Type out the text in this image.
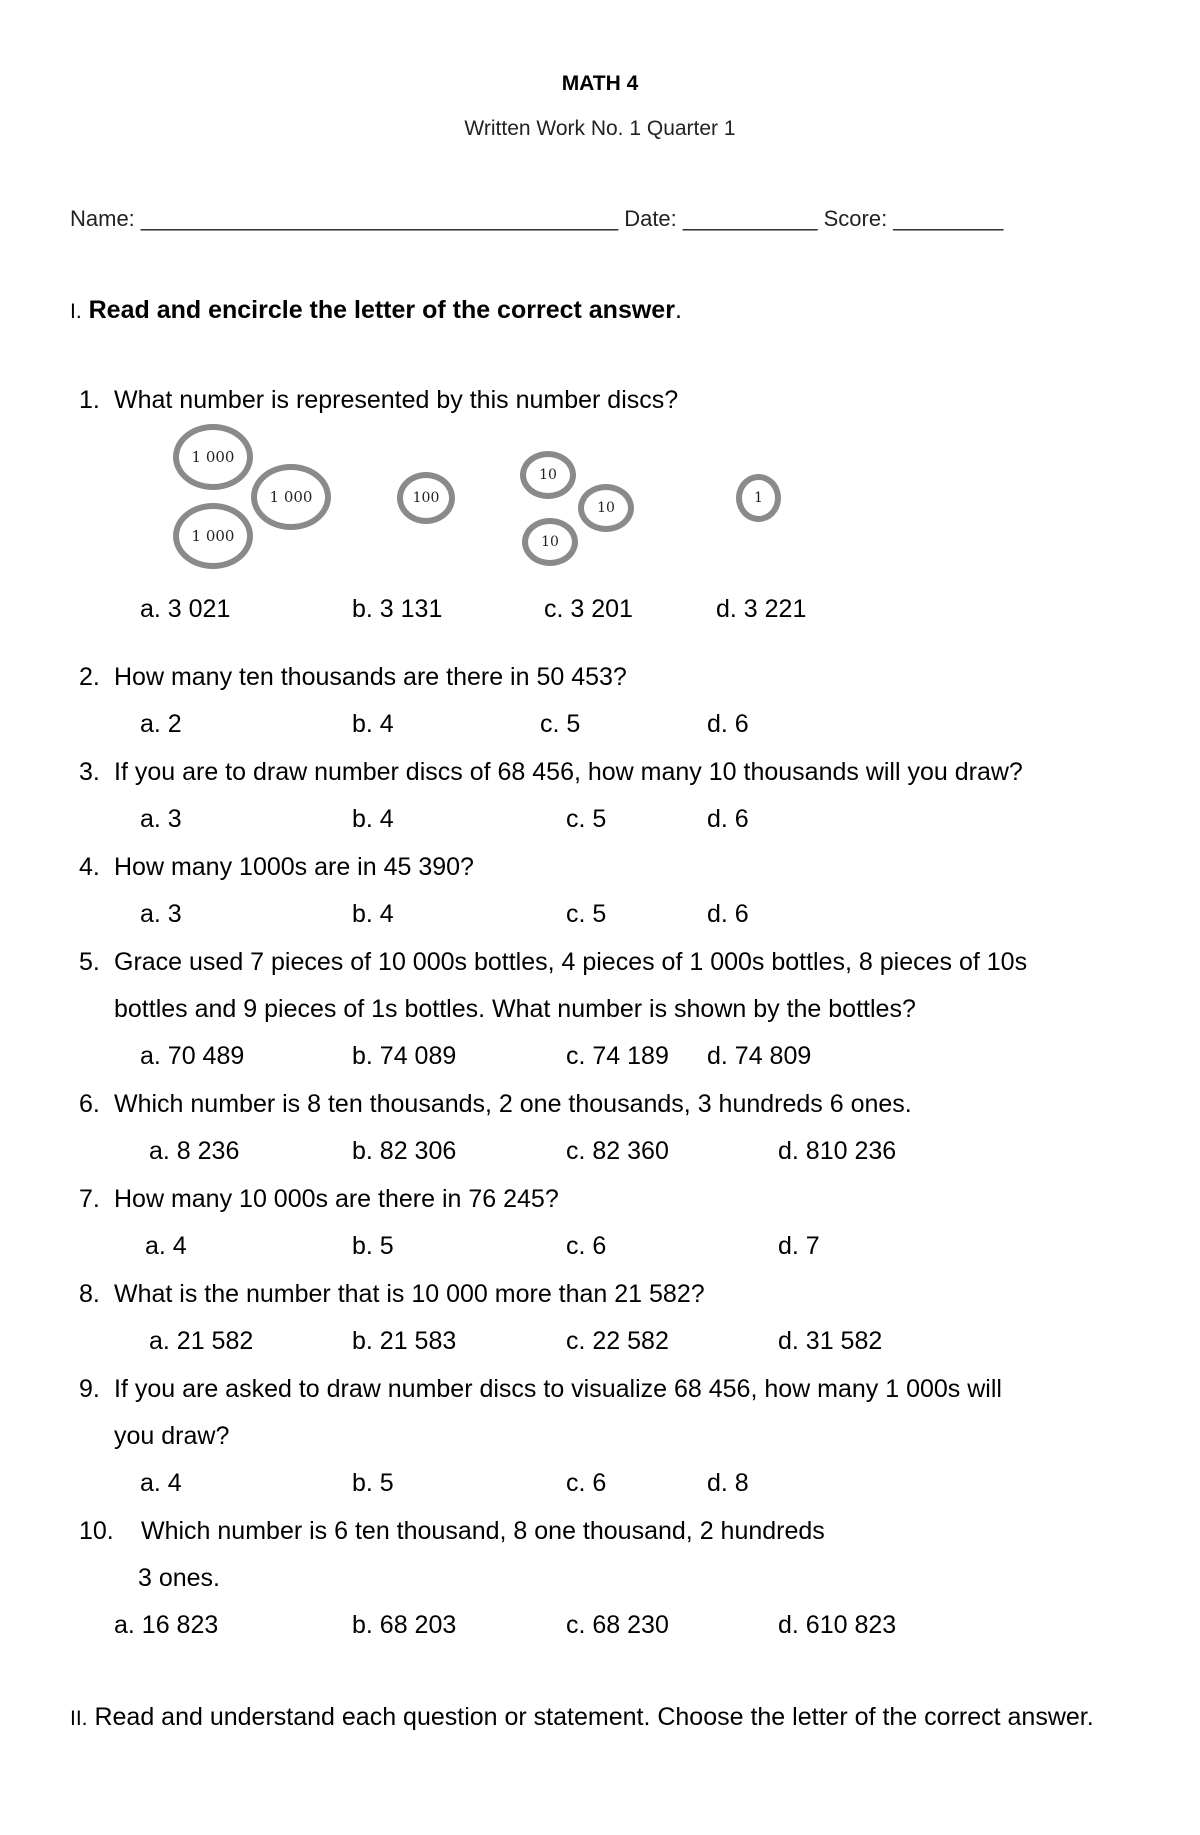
MATH 4
Written Work No. 1 Quarter 1
Name: _______________________________________ Date: ___________ Score: _________
I. Read and encircle the letter of the correct answer.
1. What number is represented by this number discs?
1 000
1 000
1 000
100
10
10
10
1
a. 3 021	b. 3 131	c. 3 201	d. 3 221
2. How many ten thousands are there in 50 453?
a. 2	b. 4	c. 5	d. 6
3. If you are to draw number discs of 68 456, how many 10 thousands will you draw?
a. 3	b. 4	c. 5	d. 6
4. How many 1000s are in 45 390?
a. 3	b. 4	c. 5	d. 6
5. Grace used 7 pieces of 10 000s bottles, 4 pieces of 1 000s bottles, 8 pieces of 10s
bottles and 9 pieces of 1s bottles. What number is shown by the bottles?
a. 70 489	b. 74 089	c. 74 189 d. 74 809
6. Which number is 8 ten thousands, 2 one thousands, 3 hundreds 6 ones.
a. 8 236	b. 82 306	c. 82 360	d. 810 236
7. How many 10 000s are there in 76 245?
a. 4	b. 5	c. 6	d. 7
8. What is the number that is 10 000 more than 21 582?
a. 21 582	b. 21 583	c. 22 582	d. 31 582
9. If you are asked to draw number discs to visualize 68 456, how many 1 000s will
you draw?
a. 4	b. 5	c. 6	d. 8
10. Which number is 6 ten thousand, 8 one thousand, 2 hundreds
3 ones.
a. 16 823	b. 68 203	c. 68 230	d. 610 823
II. Read and understand each question or statement. Choose the letter of the correct answer.
